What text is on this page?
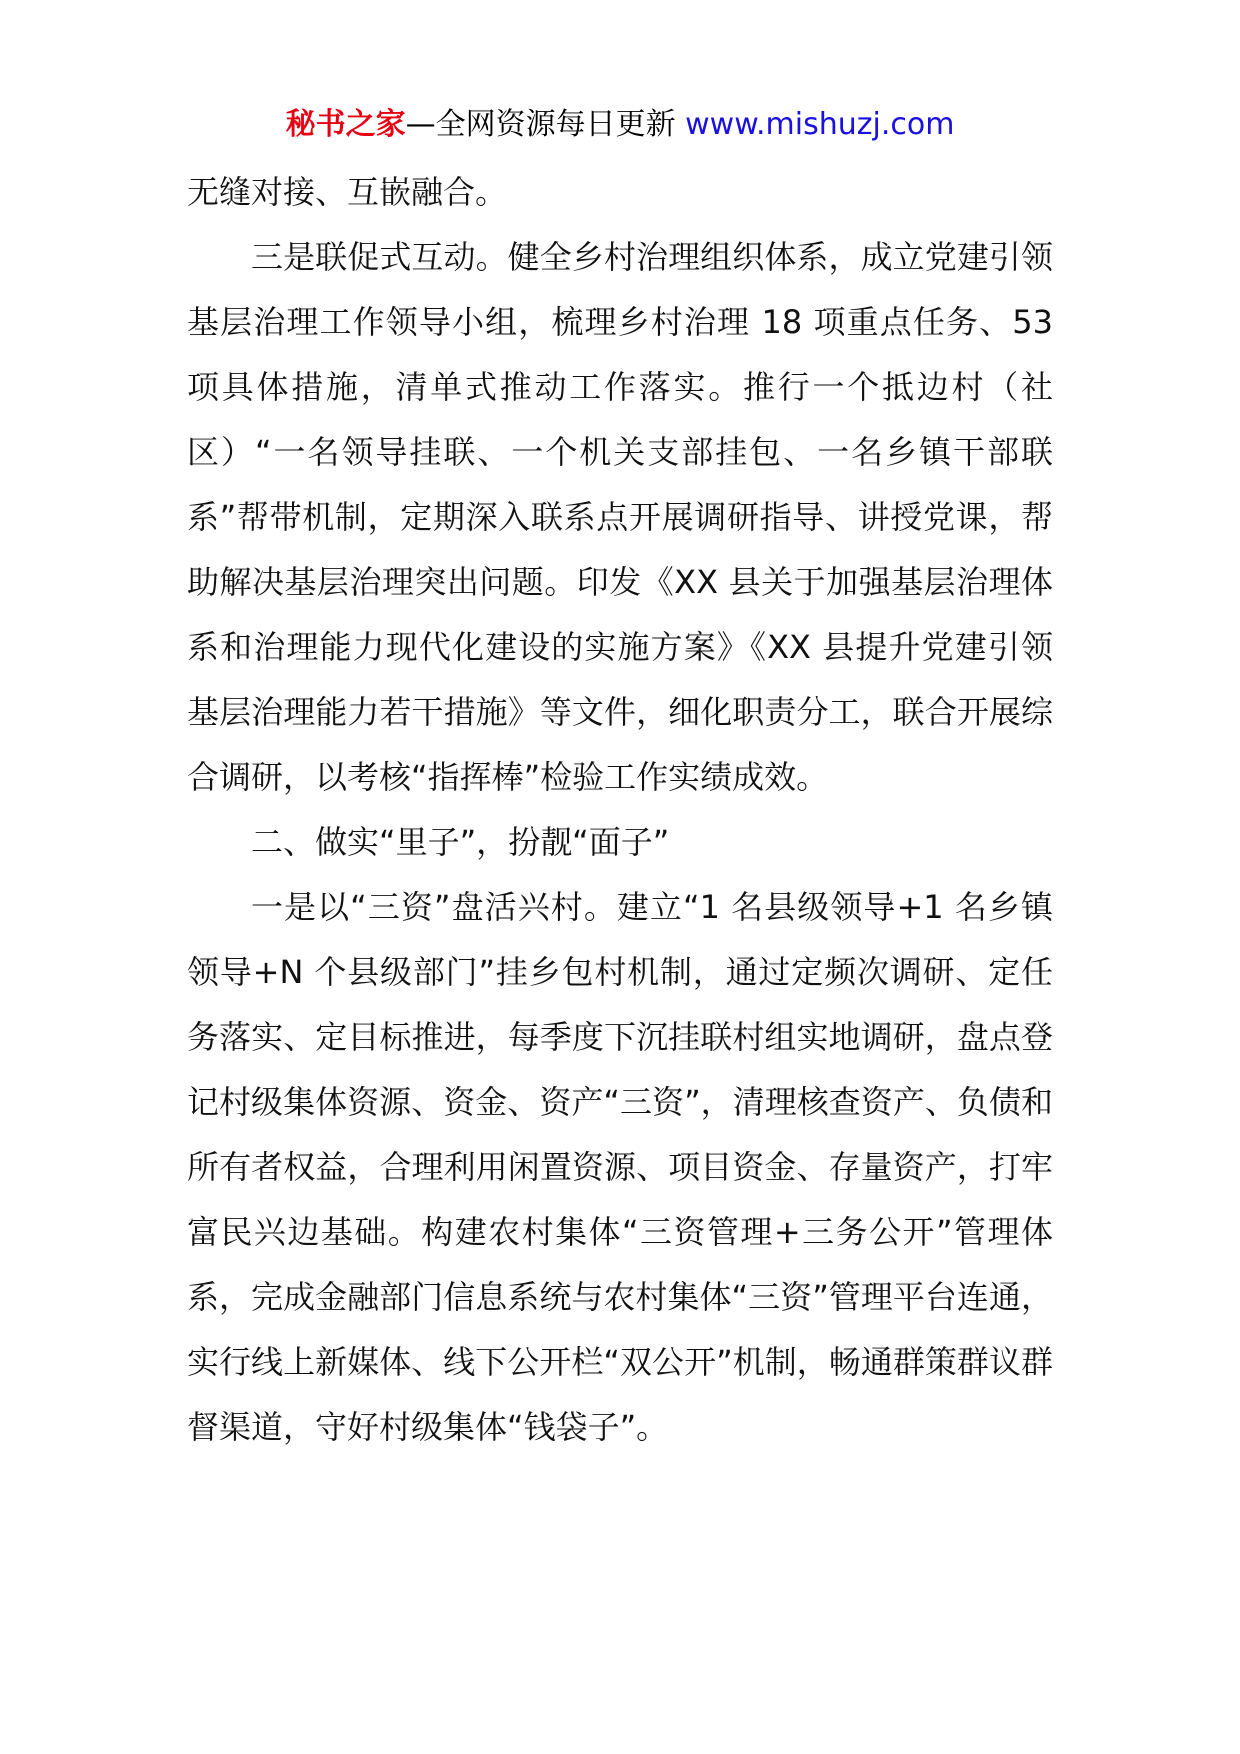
秘书之家—全网资源每日更新 www.mishuzj.com

无缝对接、互嵌融合。

三是联促式互动。健全乡村治理组织体系，成立党建引领基层治理工作领导小组，梳理乡村治理 18 项重点任务、53 项具体措施，清单式推动工作落实。推行一个抵边村（社区）“一名领导挂联、一个机关支部挂包、一名乡镇干部联系”帮带机制，定期深入联系点开展调研指导、讲授党课，帮助解决基层治理突出问题。印发《XX 县关于加强基层治理体系和治理能力现代化建设的实施方案》《XX 县提升党建引领基层治理能力若干措施》等文件，细化职责分工，联合开展综合调研，以考核“指挥棒”检验工作实绩成效。

二、做实“里子”，扮靓“面子”

一是以“三资”盘活兴村。建立“1 名县级领导+1 名乡镇领导+N 个县级部门”挂乡包村机制，通过定频次调研、定任务落实、定目标推进，每季度下沉挂联村组实地调研，盘点登记村级集体资源、资金、资产“三资”，清理核查资产、负债和所有者权益，合理利用闲置资源、项目资金、存量资产，打牢富民兴边基础。构建农村集体“三资管理+三务公开”管理体系，完成金融部门信息系统与农村集体“三资”管理平台连通，实行线上新媒体、线下公开栏“双公开”机制，畅通群策群议群督渠道，守好村级集体“钱袋子”。
